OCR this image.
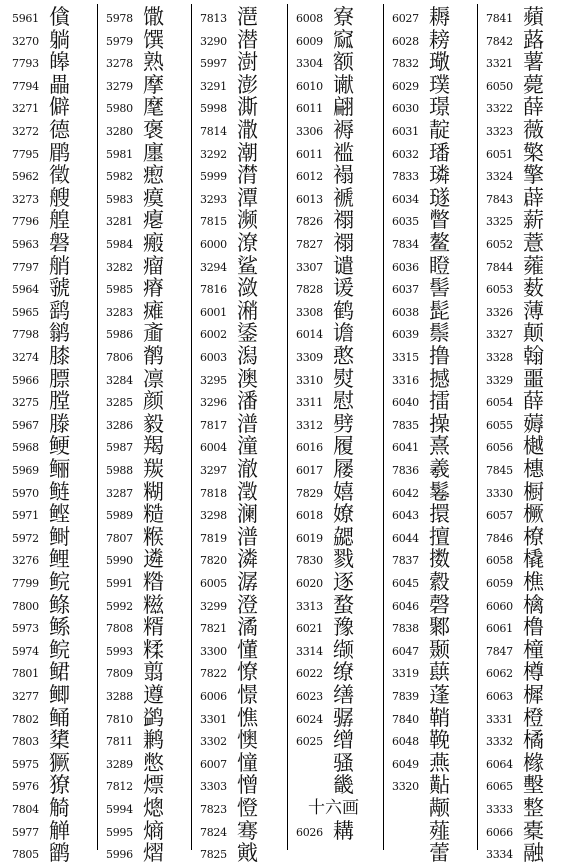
5961 僋
3270 躺
7793 皞
7794 畾
3271 僻
3272 德
7795 鹛
5962 徵
3273 艘
7796 艎
5963 磐
7797 艄
5964 虢
5965 鹞
7798 鹟
3274 膝
5966 膘
3275 膛
5967 滕
5968 鲠
5969 鲡
5970 鲢
5971 鲣
5972 鲥
3276 鲤
7799 鲩
7800 鲦
5973 鲧
5974 鲩
7801 鲪
3277 鲫
7802 鲬
7803 橥
5975 獗
5976 獠
7804 觭
5977 觯
7805 鹠
5978 馓
5979 馔
3278 熟
3279 摩
5980 麾
3280 褒
5981 廛
5982 瘛
5983 瘼
3281 瘪
5984 瘢
3282 瘤
5985 瘠
3283 瘫
5986 齑
7806 鹡
3284 凛
3285 颜
3286 毅
5987 羯
5988 羰
3287 糊
5989 糙
7807 糇
5990 遴
5991 糌
5992 糍
7808 糈
5993 糅
7809 翦
3288 遵
7810 鹢
7811 鹣
3289 憋
7812 熛
5994 熜
5995 熵
5996 熠
7813 潖
3290 潜
5997 澍
3291 澎
5998 澌
7814 潵
3292 潮
5999 潸
3293 潭
7815 濒
6000 潦
3294 鲨
7816 潋
6001 潲
6002 鋈
6003 潟
3295 澳
3296 潘
7817 潽
6004 潼
3297 澈
7818 澂
3298 澜
7819 潽
7820 潾
6005 潺
3299 澄
7821 潏
3300 懂
7822 憭
6006 憬
3301 憔
3302 懊
6007 憧
3303 憎
7823 憕
7824 骞
7825 戭
6008 寮
6009 窳
3304 额
6010 谳
6011 翩
3306 褥
6011 褴
6012 褟
6013 褫
7826 禤
7827 禤
3307 谴
7828 谖
3308 鹤
6014 谵
3309 憨
3310 熨
3311 慰
3312 劈
6016 履
6017 屦
7829 嬉
6018 嫽
6019 勰
7830 戮
6020 逐
3313 蝥
6021 豫
3314 缬
6022 缭
6023 缮
6024 骣
6025 缯
骚
畿
十六画
6026 耩
6027 耨
6028 耪
7832 璥
6029 璞
6030 璟
6031 靛
6032 璠
7833 璘
6034 璲
6035 瞥
7834 鳌
6036 瞪
6037 髻
6038 髭
6039 鬃
3315 撸
3316 撼
6040 擂
7835 操
6041 熹
7836 羲
6042 鬈
6043 擐
6044 擅
7837 擞
6045 縠
6046 磬
7838 鄹
6047 颞
3319 蕻
7839 蓬
7840 鞘
6048 鞔
6049 燕
3320 黇
颟
薤
蕾
7841 蘋
7842 蕗
3321 薯
6050 薨
3322 薛
3323 薇
6051 檠
3324 擎
7843 薜
3325 薪
6052 薏
7844 蕹
6053 薮
3326 薄
3327 颠
3328 翰
3329 噩
6054 薛
6055 薅
6056 樾
7845 橞
3330 橱
6057 橛
7846 橑
6058 橇
6059 樵
6060 檎
6061 橹
7847 橦
6062 樽
6063 樨
3331 橙
3332 橘
6064 橼
6065 墼
3333 整
6066 橐
3334 融
